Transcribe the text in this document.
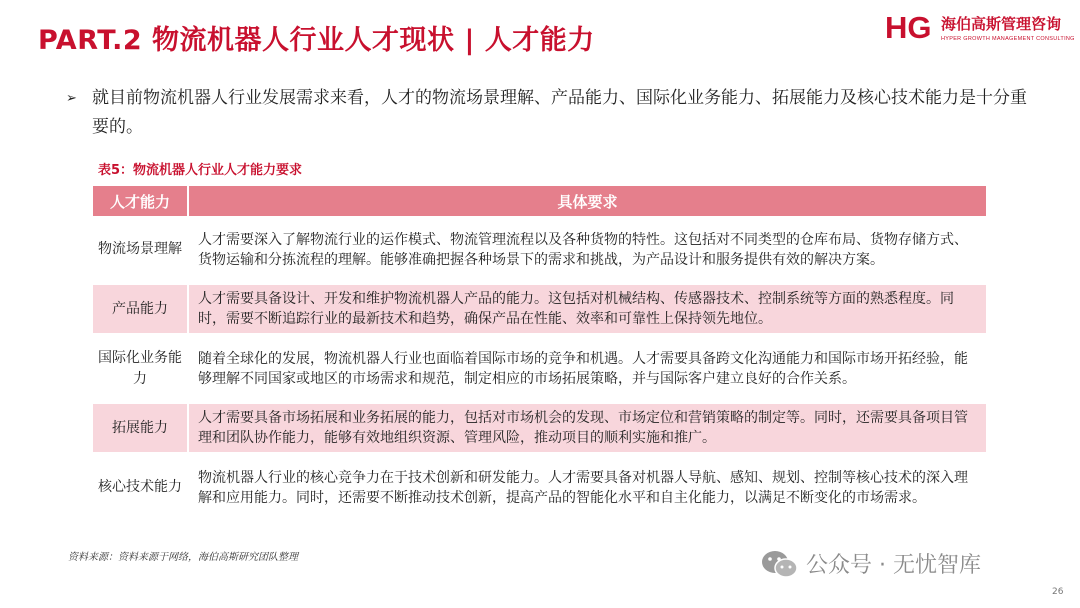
PART.2 物流机器人行业人才现状 | 人才能力	HG 海伯高斯管理咨询
HYPER GROWTH MANAGEMENT CONSULTING
➢ 就目前物流机器人行业发展需求来看，人才的物流场景理解、产品能力、国际化业务能力、拓展能力及核心技术能力是十分重要的。
表5：物流机器人行业人才能力要求
人才能力	具体要求
物流场景理解	人才需要深入了解物流行业的运作模式、物流管理流程以及各种货物的特性。这包括对不同类型的仓库布局、货物存储方式、货物运输和分拣流程的理解。能够准确把握各种场景下的需求和挑战，为产品设计和服务提供有效的解决方案。
产品能力	人才需要具备设计、开发和维护物流机器人产品的能力。这包括对机械结构、传感器技术、控制系统等方面的熟悉程度。同时，需要不断追踪行业的最新技术和趋势，确保产品在性能、效率和可靠性上保持领先地位。
国际化业务能力	随着全球化的发展，物流机器人行业也面临着国际市场的竞争和机遇。人才需要具备跨文化沟通能力和国际市场开拓经验，能够理解不同国家或地区的市场需求和规范，制定相应的市场拓展策略，并与国际客户建立良好的合作关系。
拓展能力	人才需要具备市场拓展和业务拓展的能力，包括对市场机会的发现、市场定位和营销策略的制定等。同时，还需要具备项目管理和团队协作能力，能够有效地组织资源、管理风险，推动项目的顺利实施和推广。
核心技术能力	物流机器人行业的核心竞争力在于技术创新和研发能力。人才需要具备对机器人导航、感知、规划、控制等核心技术的深入理解和应用能力。同时，还需要不断推动技术创新，提高产品的智能化水平和自主化能力，以满足不断变化的市场需求。
资料来源：资料来源于网络，海伯高斯研究团队整理	公众号 · 无忧智库
26
